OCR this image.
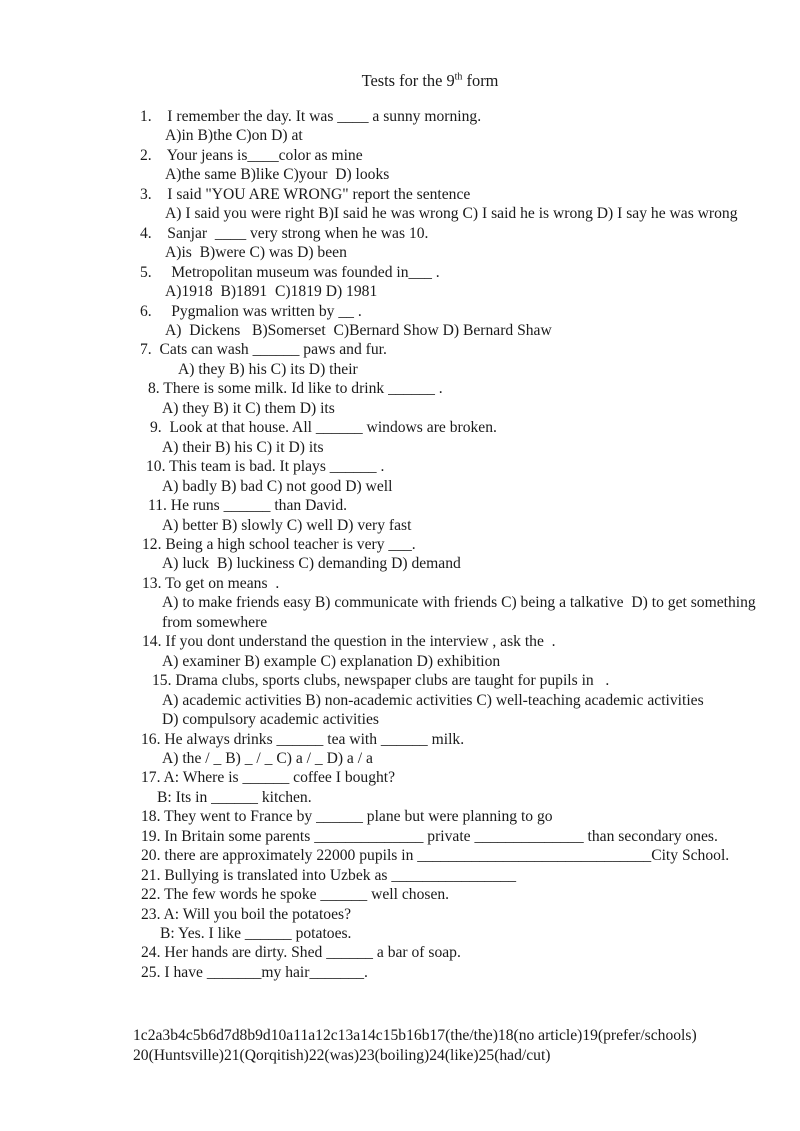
Tests for the 9th form
1.    I remember the day. It was ____ a sunny morning.
A)in B)the C)on D) at
2.    Your jeans is____color as mine
A)the same B)like C)your  D) looks
3.    I said "YOU ARE WRONG" report the sentence
A) I said you were right B)I said he was wrong C) I said he is wrong D) I say he was wrong
4.    Sanjar  ____ very strong when he was 10.
A)is  B)were C) was D) been
5.     Metropolitan museum was founded in___ .
A)1918  B)1891  C)1819 D) 1981
6.     Pygmalion was written by __ .
A)  Dickens   B)Somerset  C)Bernard Show D) Bernard Shaw
7.  Cats can wash ______ paws and fur.
A) they B) his C) its D) their
8. There is some milk. Id like to drink ______ .
A) they B) it C) them D) its
9.  Look at that house. All ______ windows are broken.
A) their B) his C) it D) its
10. This team is bad. It plays ______ .
A) badly B) bad C) not good D) well
11. He runs ______ than David.
A) better B) slowly C) well D) very fast
12. Being a high school teacher is very ___.
A) luck  B) luckiness C) demanding D) demand
13. To get on means  .
A) to make friends easy B) communicate with friends C) being a talkative  D) to get something
from somewhere
14. If you dont understand the question in the interview , ask the  .
A) examiner B) example C) explanation D) exhibition
15. Drama clubs, sports clubs, newspaper clubs are taught for pupils in   .
A) academic activities B) non-academic activities C) well-teaching academic activities
D) compulsory academic activities
16. He always drinks ______ tea with ______ milk.
A) the / _ B) _ / _ C) a / _ D) a / a
17. A: Where is ______ coffee I bought?
B: Its in ______ kitchen.
18. They went to France by ______ plane but were planning to go
19. In Britain some parents ______________ private ______________ than secondary ones.
20. there are approximately 22000 pupils in ______________________________City School.
21. Bullying is translated into Uzbek as ________________
22. The few words he spoke ______ well chosen.
23. A: Will you boil the potatoes?
B: Yes. I like ______ potatoes.
24. Her hands are dirty. Shed ______ a bar of soap.
25. I have _______my hair_______.
1c2a3b4c5b6d7d8b9d10a11a12c13a14c15b16b17(the/the)18(no article)19(prefer/schools)
20(Huntsville)21(Qorqitish)22(was)23(boiling)24(like)25(had/cut)
